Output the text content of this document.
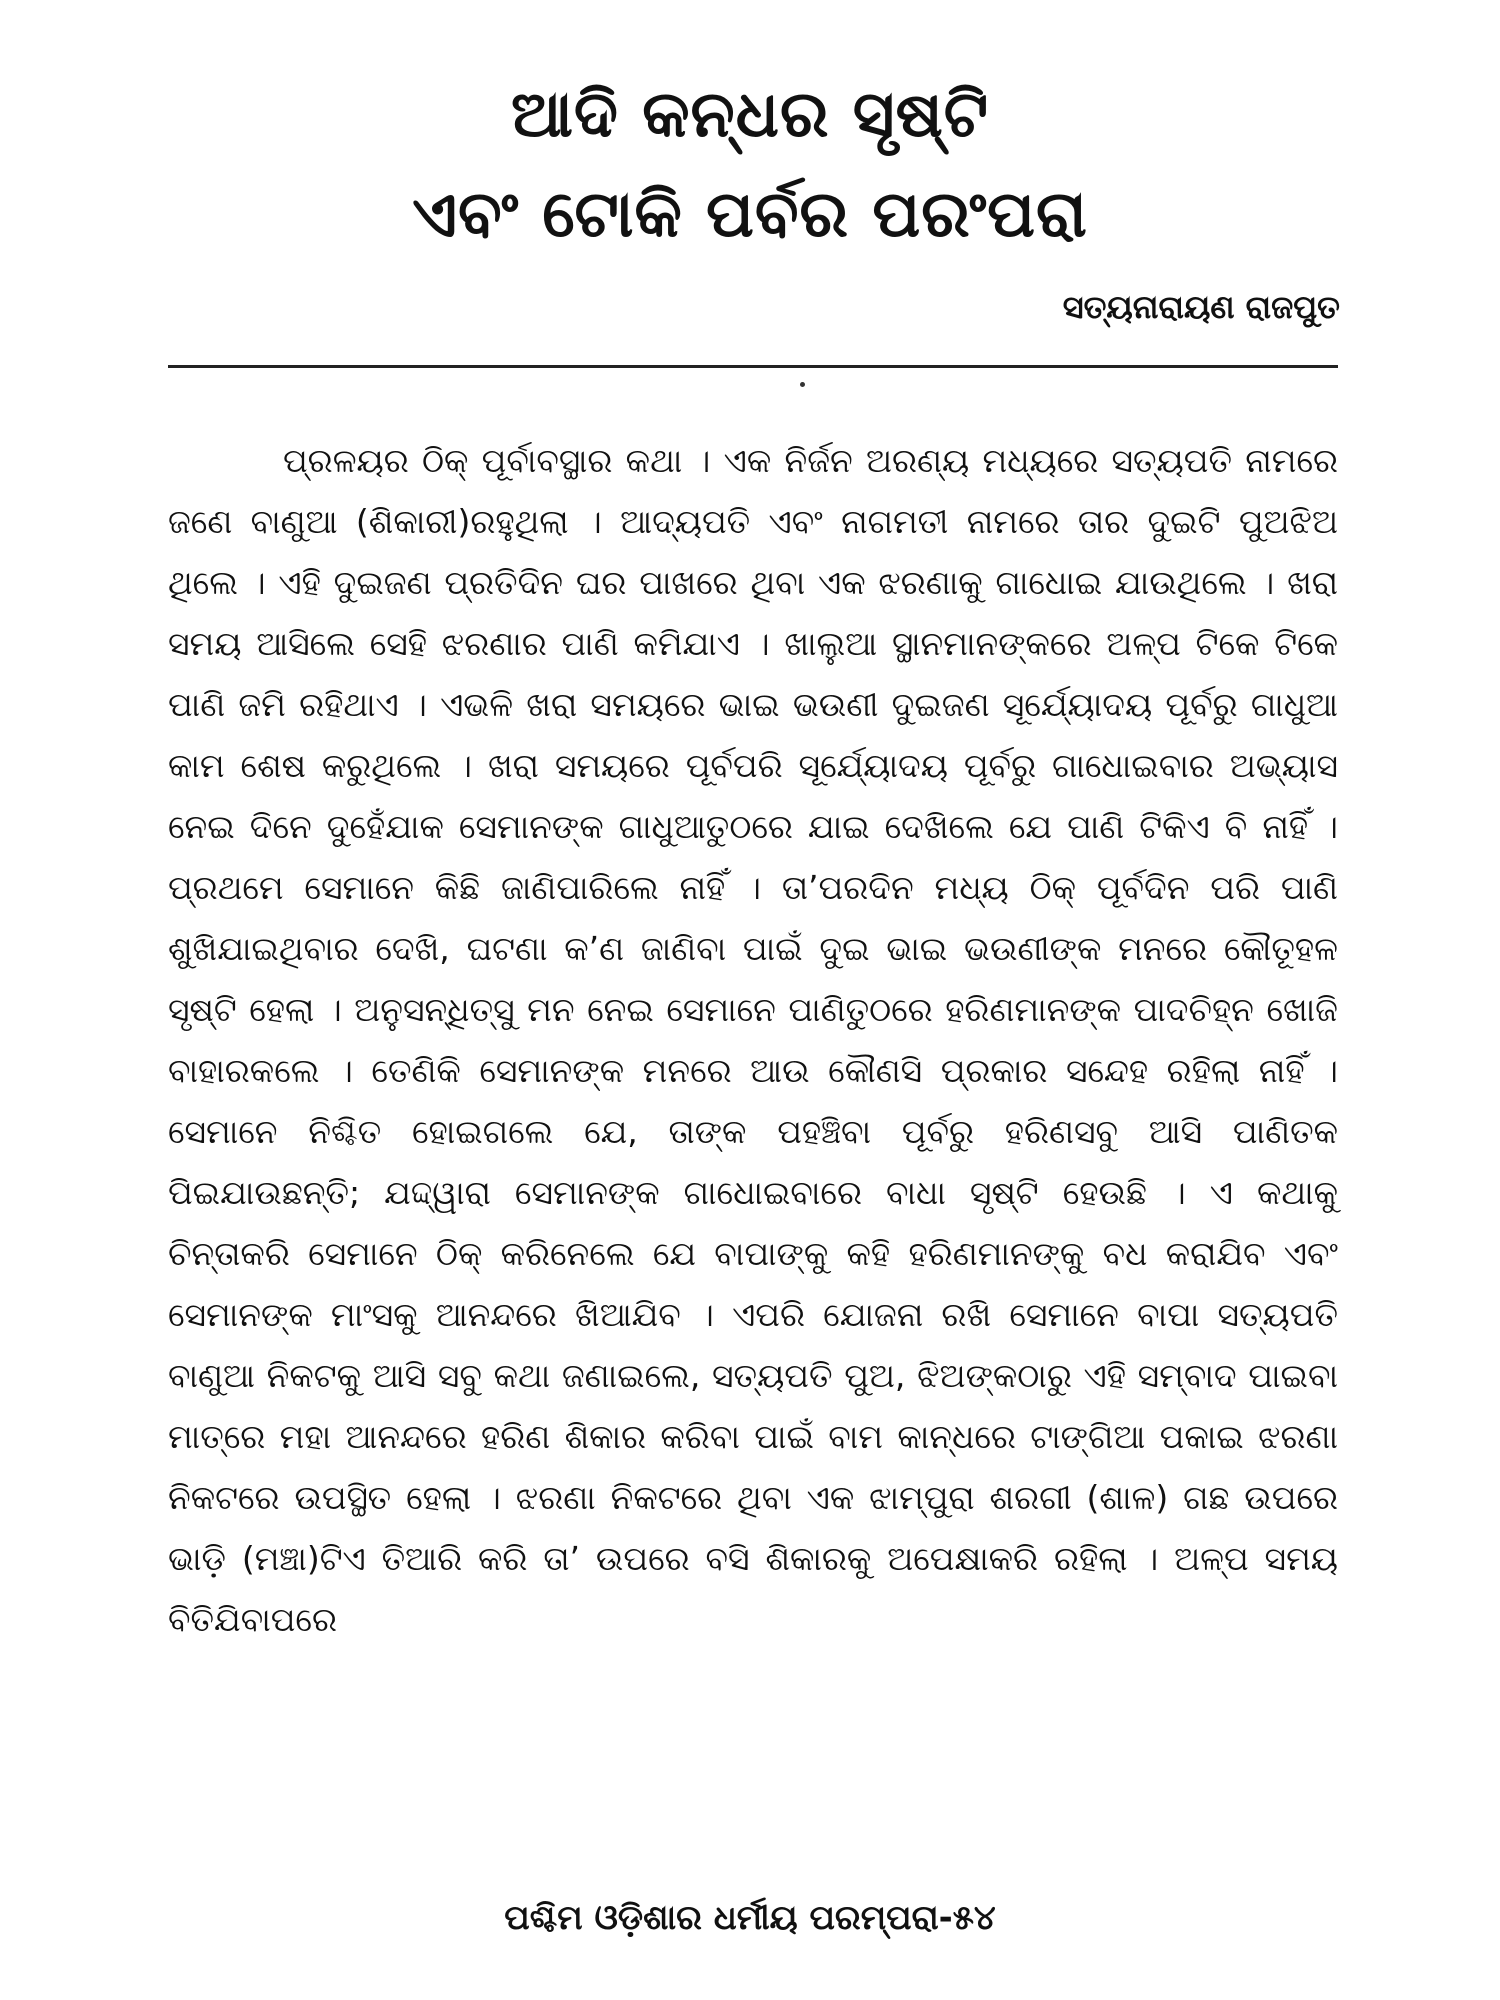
ଆଦି କନ୍ଧର ସୃଷ୍ଟି
ଏବଂ ଟୋକି ପର୍ବର ପରଂପରା
ସତ୍ୟନାରାୟଣ ରାଜପୁତ

ପ୍ରଳୟର ଠିକ୍ ପୂର୍ବାବସ୍ଥାର କଥା । ଏକ ନିର୍ଜନ ଅରଣ୍ୟ ମଧ୍ୟରେ ସତ୍ୟପତି ନାମରେ ଜଣେ ବାଣୁଆ (ଶିକାରୀ)ରହୁଥିଲା । ଆଦ୍ୟପତି ଏବଂ ନାଗମତୀ ନାମରେ ତାର ଦୁଇଟି ପୁଅଝିଅ ଥିଲେ । ଏହି ଦୁଇଜଣ ପ୍ରତିଦିନ ଘର ପାଖରେ ଥିବା ଏକ ଝରଣାକୁ ଗାଧୋଇ ଯାଉଥିଲେ । ଖରା ସମୟ ଆସିଲେ ସେହି ଝରଣାର ପାଣି କମିଯାଏ । ଖାଲୁଆ ସ୍ଥାନମାନଙ୍କରେ ଅଳ୍ପ ଟିକେ ଟିକେ ପାଣି ଜମି ରହିଥାଏ । ଏଭଳି ଖରା ସମୟରେ ଭାଇ ଭଉଣୀ ଦୁଇଜଣ ସୂର୍ଯ୍ୟୋଦୟ ପୂର୍ବରୁ ଗାଧୁଆ କାମ ଶେଷ କରୁଥିଲେ । ଖରା ସମୟରେ ପୂର୍ବପରି ସୂର୍ଯ୍ୟୋଦୟ ପୂର୍ବରୁ ଗାଧୋଇବାର ଅଭ୍ୟାସ ନେଇ ଦିନେ ଦୁହେଁଯାକ ସେମାନଙ୍କ ଗାଧୁଆତୁଠରେ ଯାଇ ଦେଖିଲେ ଯେ ପାଣି ଟିକିଏ ବି ନାହିଁ । ପ୍ରଥମେ ସେମାନେ କିଛି ଜାଣିପାରିଲେ ନାହିଁ । ତା’ପରଦିନ ମଧ୍ୟ ଠିକ୍ ପୂର୍ବଦିନ ପରି ପାଣି ଶୁଖିଯାଇଥିବାର ଦେଖି, ଘଟଣା କ’ଣ ଜାଣିବା ପାଇଁ ଦୁଇ ଭାଇ ଭଉଣୀଙ୍କ ମନରେ କୌତୂହଳ ସୃଷ୍ଟି ହେଲା । ଅନୁସନ୍ଧିତ୍ସୁ ମନ ନେଇ ସେମାନେ ପାଣିତୁଠରେ ହରିଣମାନଙ୍କ ପାଦଚିହ୍ନ ଖୋଜି ବାହାରକଲେ । ତେଣିକି ସେମାନଙ୍କ ମନରେ ଆଉ କୌଣସି ପ୍ରକାର ସନ୍ଦେହ ରହିଲା ନାହିଁ । ସେମାନେ ନିଶ୍ଚିତ ହୋଇଗଲେ ଯେ, ତାଙ୍କ ପହଞ୍ଚିବା ପୂର୍ବରୁ ହରିଣସବୁ ଆସି ପାଣିତକ ପିଇଯାଉଛନ୍ତି; ଯଦ୍ଦ୍ୱାରା ସେମାନଙ୍କ ଗାଧୋଇବାରେ ବାଧା ସୃଷ୍ଟି ହେଉଛି । ଏ କଥାକୁ ଚିନ୍ତାକରି ସେମାନେ ଠିକ୍ କରିନେଲେ ଯେ ବାପାଙ୍କୁ କହି ହରିଣମାନଙ୍କୁ ବଧ କରାଯିବ ଏବଂ ସେମାନଙ୍କ ମାଂସକୁ ଆନନ୍ଦରେ ଖିଆଯିବ । ଏପରି ଯୋଜନା ରଖି ସେମାନେ ବାପା ସତ୍ୟପତି ବାଣୁଆ ନିକଟକୁ ଆସି ସବୁ କଥା ଜଣାଇଲେ, ସତ୍ୟପତି ପୁଅ, ଝିଅଙ୍କଠାରୁ ଏହି ସମ୍ବାଦ ପାଇବା ମାତ୍ରେ ମହା ଆନନ୍ଦରେ ହରିଣ ଶିକାର କରିବା ପାଇଁ ବାମ କାନ୍ଧରେ ଟାଙ୍ଗିଆ ପକାଇ ଝରଣା ନିକଟରେ ଉପସ୍ଥିତ ହେଲା । ଝରଣା ନିକଟରେ ଥିବା ଏକ ଝାମ୍ପୁରା ଶରଗୀ (ଶାଳ) ଗଛ ଉପରେ ଭାଡ଼ି (ମଞ୍ଚା)ଟିଏ ତିଆରି କରି ତା’ ଉପରେ ବସି ଶିକାରକୁ ଅପେକ୍ଷାକରି ରହିଲା । ଅଳ୍ପ ସମୟ ବିତିଯିବାପରେ

ପଶ୍ଚିମ ଓଡ଼ିଶାର ଧର୍ମୀୟ ପରମ୍ପରା-୫୪
